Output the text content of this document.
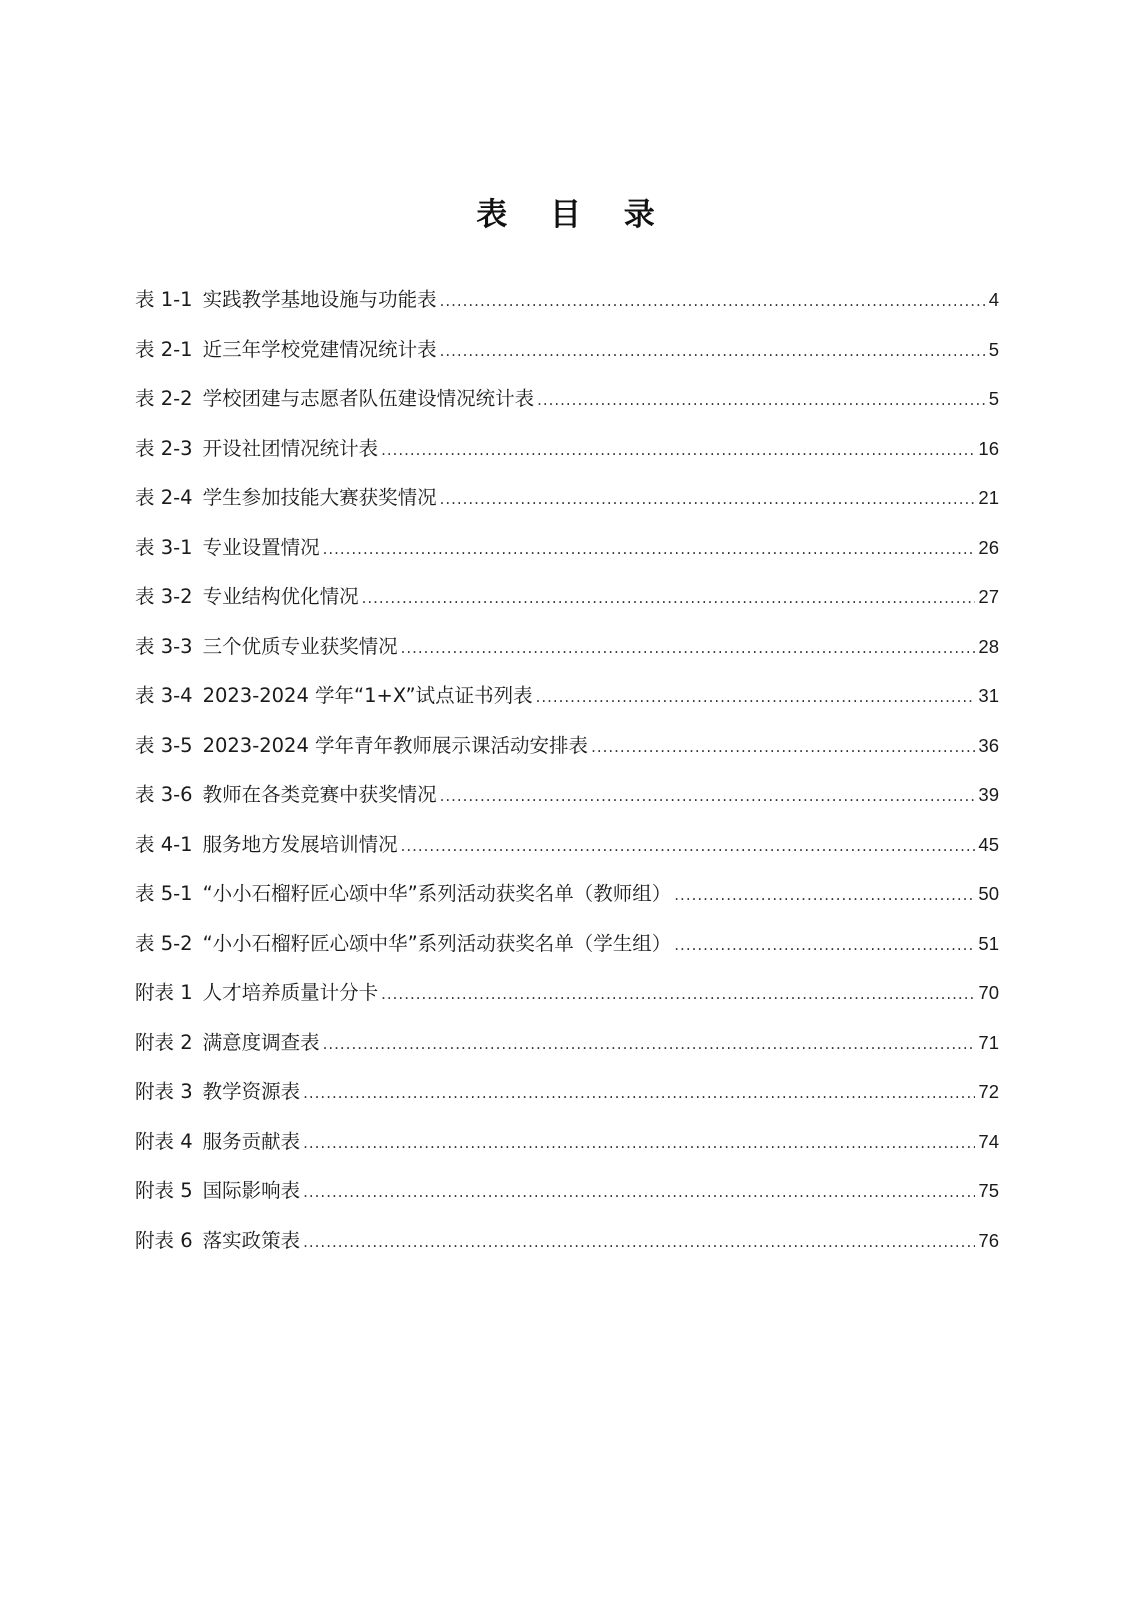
表 目 录
表 1-1 实践教学基地设施与功能表 .....	4
表 2-1 近三年学校党建情况统计表 .....	5
表 2-2 学校团建与志愿者队伍建设情况统计表 .....	5
表 2-3 开设社团情况统计表 .....	16
表 2-4 学生参加技能大赛获奖情况 .....	21
表 3-1 专业设置情况 .....	26
表 3-2 专业结构优化情况 .....	27
表 3-3 三个优质专业获奖情况 .....	28
表 3-4 2023-2024 学年“1+X”试点证书列表 .....	31
表 3-5 2023-2024 学年青年教师展示课活动安排表 .....	36
表 3-6 教师在各类竞赛中获奖情况 .....	39
表 4-1 服务地方发展培训情况 .....	45
表 5-1 “小小石榴籽匠心颂中华”系列活动获奖名单（教师组） .....	50
表 5-2 “小小石榴籽匠心颂中华”系列活动获奖名单（学生组） .....	51
附表 1 人才培养质量计分卡 .....	70
附表 2 满意度调查表 .....	71
附表 3 教学资源表 .....	72
附表 4 服务贡献表 .....	74
附表 5 国际影响表 .....	75
附表 6 落实政策表 .....	76
